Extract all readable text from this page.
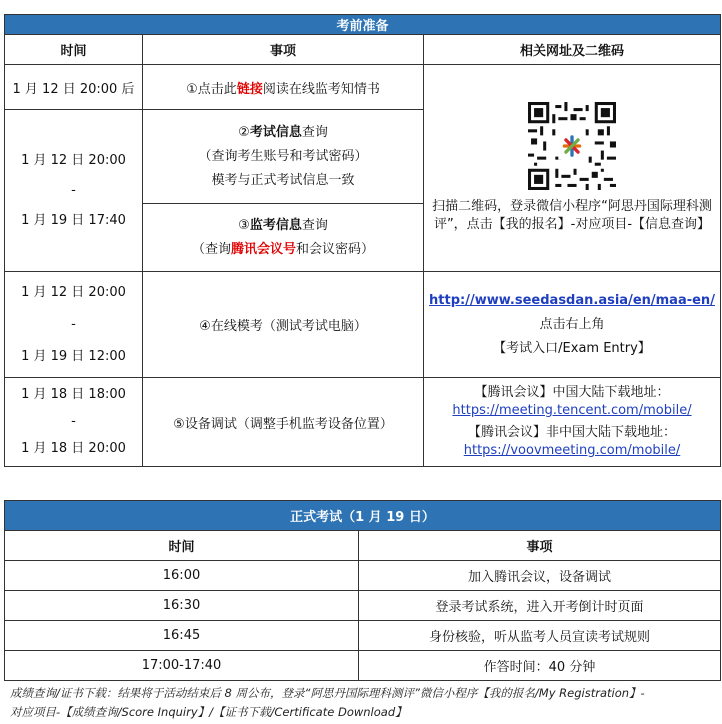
考前准备		
时间	事项	相关网址及二维码
1 月 12 日 20:00 后	①点击此链接阅读在线监考知情书	扫描二维码，登录微信小程序“阿思丹国际理科测评”，点击【我的报名】-对应项目-【信息查询】

1 月 12 日 20:00
-
1 月 19 日 17:40	②考试信息查询
（查询考生账号和考试密码）
模考与正式考试信息一致	

	③监考信息查询
（查询腾讯会议号和会议密码）	

1 月 12 日 20:00
-
1 月 19 日 12:00	④在线模考（测试考试电脑）	http://www.seedasdan.asia/en/maa-en/
点击右上角
【考试入口/Exam Entry】

1 月 18 日 18:00
-
1 月 18 日 20:00	⑤设备调试（调整手机监考设备位置）	【腾讯会议】中国大陆下载地址：
https://meeting.tencent.com/mobile/
【腾讯会议】非中国大陆下载地址：
https://voovmeeting.com/mobile/
正式考试（1 月 19 日）	
时间	事项
16:00	加入腾讯会议，设备调试
16:30	登录考试系统，进入开考倒计时页面
16:45	身份核验，听从监考人员宣读考试规则
17:00-17:40	作答时间：40 分钟
成绩查询/证书下载：结果将于活动结束后 8 周公布，登录“阿思丹国际理科测评”微信小程序【我的报名/My Registration】-
对应项目-【成绩查询/Score Inquiry】/【证书下载/Certificate Download】
